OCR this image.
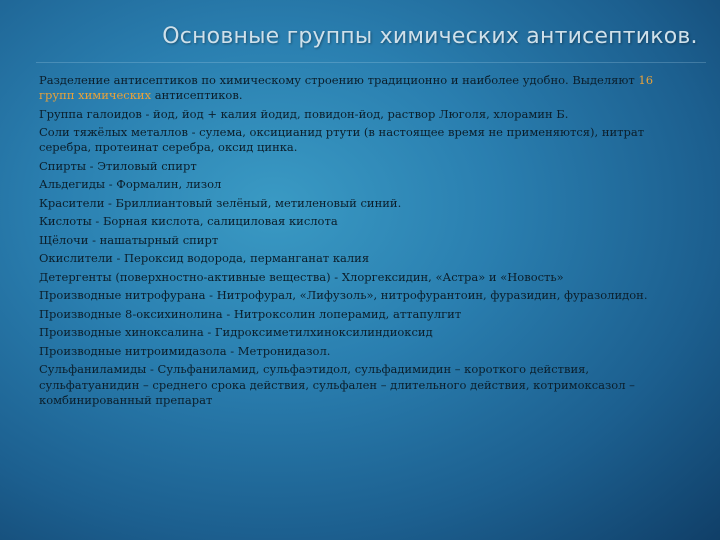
Основные группы химических антисептиков.

Разделение антисептиков по химическому строению традиционно и наиболее удобно. Выделяют 16 групп химических антисептиков.

Группа галоидов - йод, йод + калия йодид, повидон-йод, раствор Люголя, хлорамин Б.

Соли тяжёлых металлов - сулема, оксицианид ртути (в настоящее время не применяются), нитрат серебра, протеинат серебра, оксид цинка.

Спирты - Этиловый спирт

Альдегиды - Формалин, лизол

Красители - Бриллиантовый зелёный, метиленовый синий.

Кислоты - Борная кислота, салициловая кислота

Щёлочи - нашатырный спирт

Окислители - Пероксид водорода, перманганат калия

Детергенты (поверхностно-активные вещества) - Хлоргексидин, «Астра» и «Новость»

Производные нитрофурана - Нитрофурал, «Лифузоль», нитрофурантоин, фуразидин, фуразолидон.

Производные 8-оксихинолина - Нитроксолин лоперамид, аттапулгит

Производные хиноксалина - Гидроксиметилхиноксилиндиоксид

Производные нитроимидазола - Метронидазол.

Сульфаниламиды - Сульфаниламид, сульфаэтидол, сульфадимидин – короткого действия, сульфатуанидин – среднего срока действия, сульфален – длительного действия, котримоксазол – комбинированный препарат
